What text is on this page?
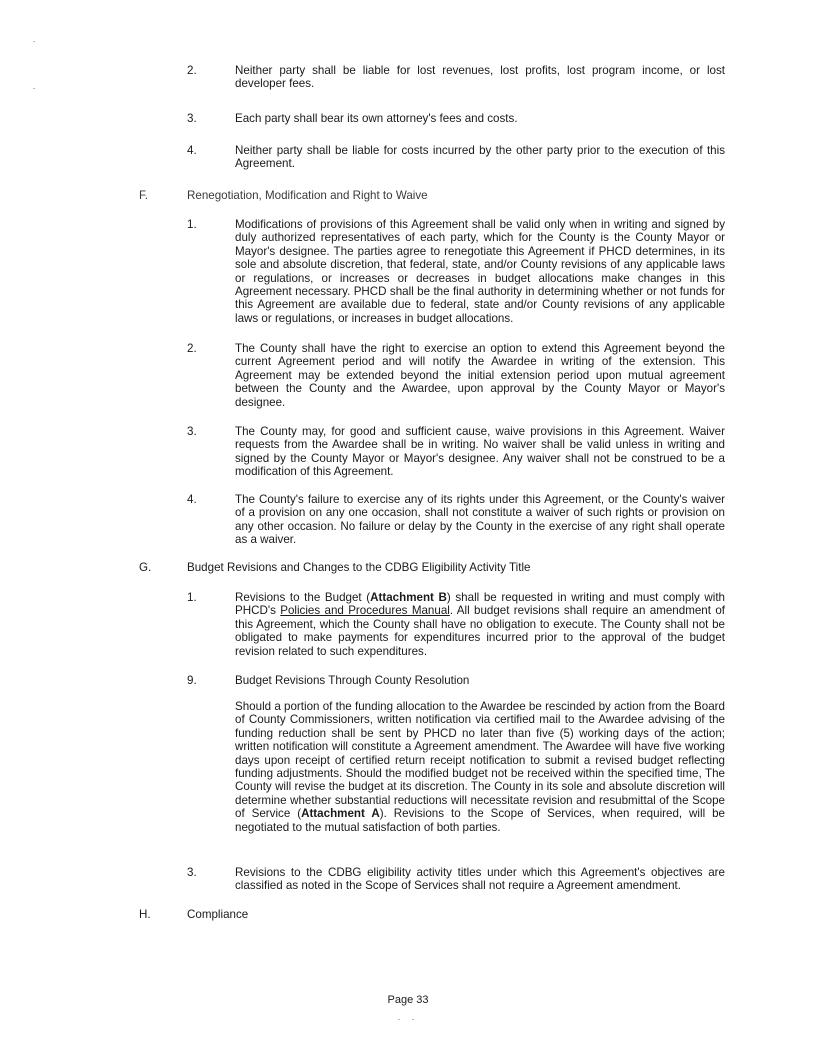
2.	Neither party shall be liable for lost revenues, lost profits, lost program income, or lost developer fees.
3.	Each party shall bear its own attorney's fees and costs.
4.	Neither party shall be liable for costs incurred by the other party prior to the execution of this Agreement.
F.	Renegotiation, Modification and Right to Waive
1.	Modifications of provisions of this Agreement shall be valid only when in writing and signed by duly authorized representatives of each party, which for the County is the County Mayor or Mayor's designee. The parties agree to renegotiate this Agreement if PHCD determines, in its sole and absolute discretion, that federal, state, and/or County revisions of any applicable laws or regulations, or increases or decreases in budget allocations make changes in this Agreement necessary. PHCD shall be the final authority in determining whether or not funds for this Agreement are available due to federal, state and/or County revisions of any applicable laws or regulations, or increases in budget allocations.
2.	The County shall have the right to exercise an option to extend this Agreement beyond the current Agreement period and will notify the Awardee in writing of the extension. This Agreement may be extended beyond the initial extension period upon mutual agreement between the County and the Awardee, upon approval by the County Mayor or Mayor's designee.
3.	The County may, for good and sufficient cause, waive provisions in this Agreement. Waiver requests from the Awardee shall be in writing. No waiver shall be valid unless in writing and signed by the County Mayor or Mayor's designee. Any waiver shall not be construed to be a modification of this Agreement.
4.	The County's failure to exercise any of its rights under this Agreement, or the County's waiver of a provision on any one occasion, shall not constitute a waiver of such rights or provision on any other occasion. No failure or delay by the County in the exercise of any right shall operate as a waiver.
G.	Budget Revisions and Changes to the CDBG Eligibility Activity Title
1.	Revisions to the Budget (Attachment B) shall be requested in writing and must comply with PHCD's Policies and Procedures Manual. All budget revisions shall require an amendment of this Agreement, which the County shall have no obligation to execute. The County shall not be obligated to make payments for expenditures incurred prior to the approval of the budget revision related to such expenditures.
9.	Budget Revisions Through County Resolution
Should a portion of the funding allocation to the Awardee be rescinded by action from the Board of County Commissioners, written notification via certified mail to the Awardee advising of the funding reduction shall be sent by PHCD no later than five (5) working days of the action; written notification will constitute a Agreement amendment. The Awardee will have five working days upon receipt of certified return receipt notification to submit a revised budget reflecting funding adjustments. Should the modified budget not be received within the specified time, The County will revise the budget at its discretion. The County in its sole and absolute discretion will determine whether substantial reductions will necessitate revision and resubmittal of the Scope of Service (Attachment A). Revisions to the Scope of Services, when required, will be negotiated to the mutual satisfaction of both parties.
3.	Revisions to the CDBG eligibility activity titles under which this Agreement's objectives are classified as noted in the Scope of Services shall not require a Agreement amendment.
H.	Compliance
Page 33
